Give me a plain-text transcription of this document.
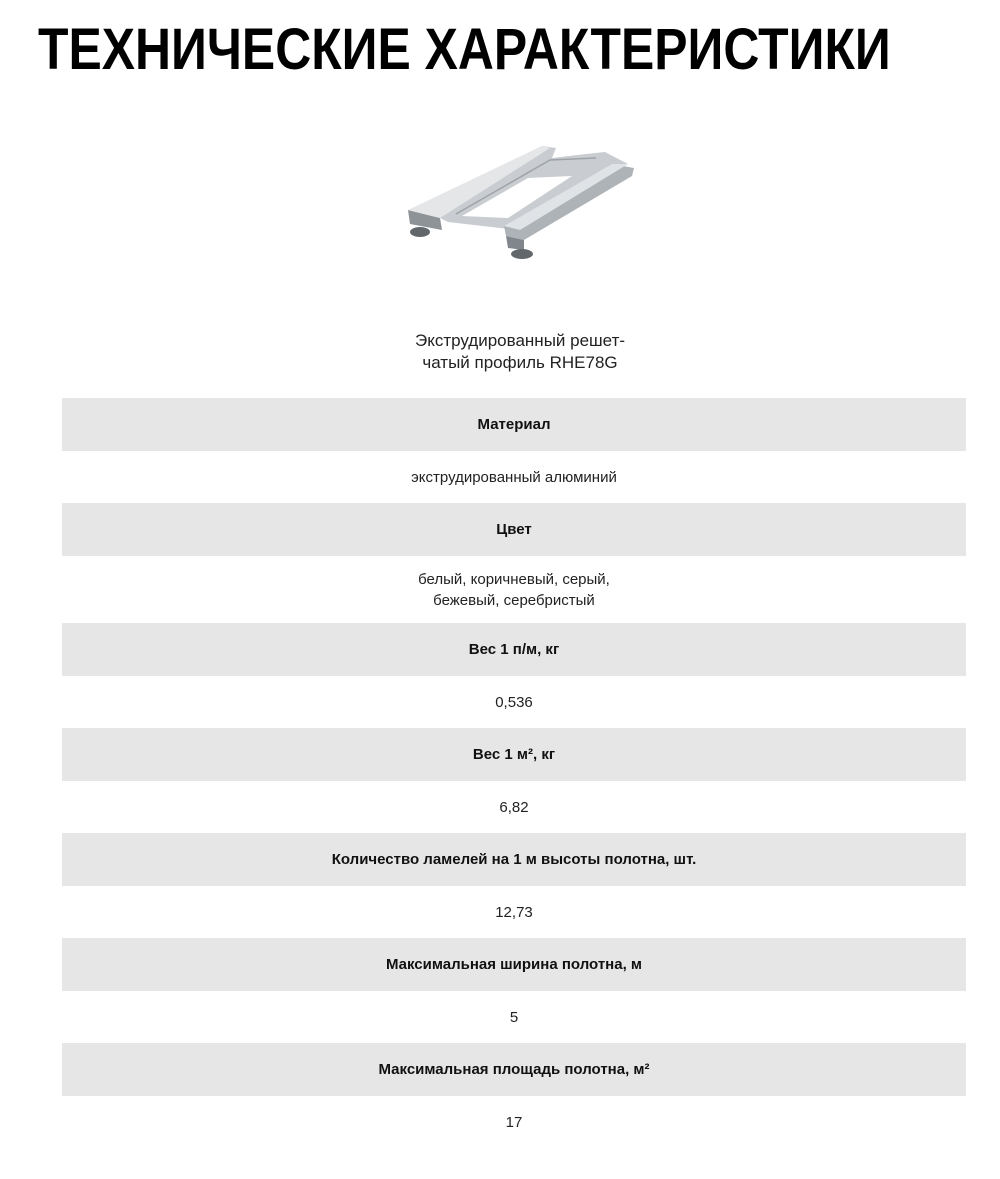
ТЕХНИЧЕСКИЕ ХАРАКТЕРИСТИКИ
Экструдированный решет-
чатый профиль RHE78G
Материал
экструдированный алюминий
Цвет
белый, коричневый, серый,
бежевый, серебристый
Вес 1 п/м, кг
0,536
Вес 1 м², кг
6,82
Количество ламелей на 1 м высоты полотна, шт.
12,73
Максимальная ширина полотна, м
5
Максимальная площадь полотна, м²
17
